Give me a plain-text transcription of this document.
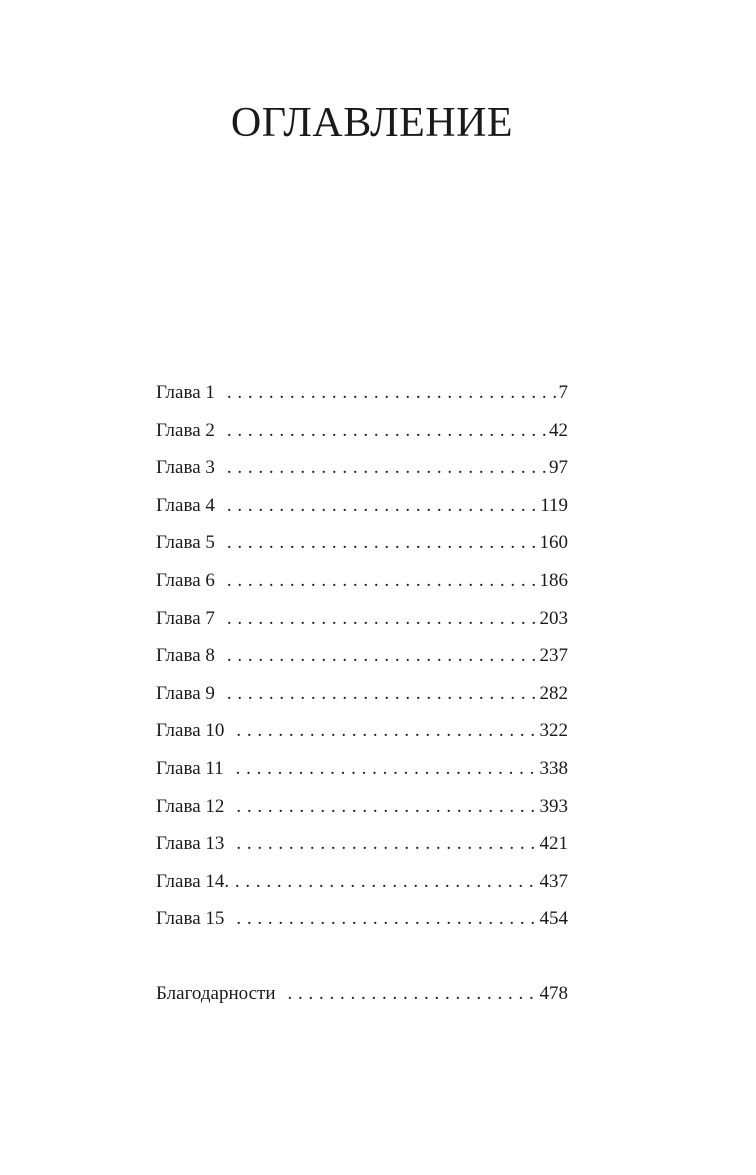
ОГЛАВЛЕНИЕ
Глава 1 . . .	7
Глава 2 . . .	42
Глава 3 . . .	97
Глава 4 . . .	119
Глава 5 . . .	160
Глава 6 . . .	186
Глава 7 . . .	203
Глава 8 . . .	237
Глава 9 . . .	282
Глава 10 . . .	322
Глава 11 . . .	338
Глава 12 . . .	393
Глава 13 . . .	421
Глава 14 . . .	437
Глава 15 . . .	454
Благодарности . . .	478
